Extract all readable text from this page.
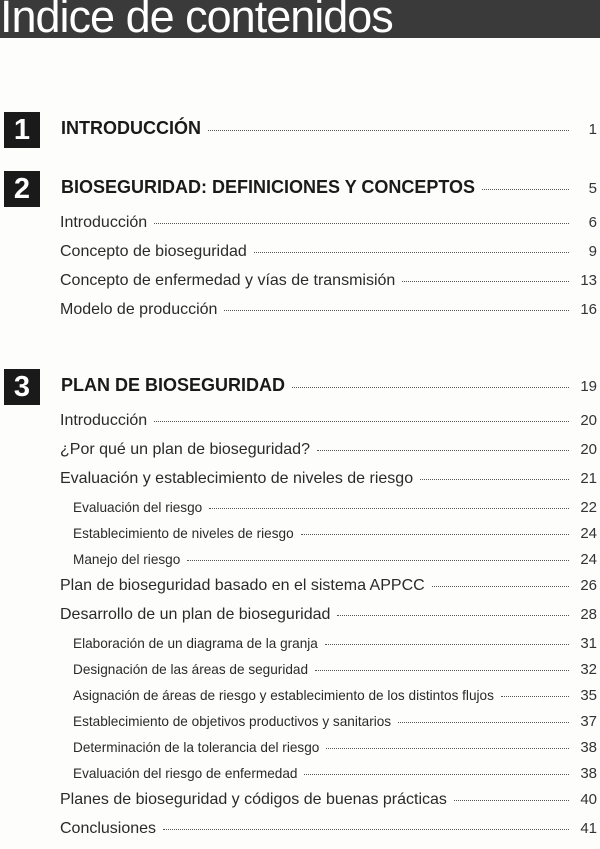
Indice de contenidos
1	INTRODUCCIÓN	1
2	BIOSEGURIDAD: DEFINICIONES Y CONCEPTOS	5
Introducción	6
Concepto de bioseguridad	9
Concepto de enfermedad y vías de transmisión	13
Modelo de producción	16
3	PLAN DE BIOSEGURIDAD	19
Introducción	20
¿Por qué un plan de bioseguridad?	20
Evaluación y establecimiento de niveles de riesgo	21
Evaluación del riesgo	22
Establecimiento de niveles de riesgo	24
Manejo del riesgo	24
Plan de bioseguridad basado en el sistema APPCC	26
Desarrollo de un plan de bioseguridad	28
Elaboración de un diagrama de la granja	31
Designación de las áreas de seguridad	32
Asignación de áreas de riesgo y establecimiento de los distintos flujos	35
Establecimiento de objetivos productivos y sanitarios	37
Determinación de la tolerancia del riesgo	38
Evaluación del riesgo de enfermedad	38
Planes de bioseguridad y códigos de buenas prácticas	40
Conclusiones	41
